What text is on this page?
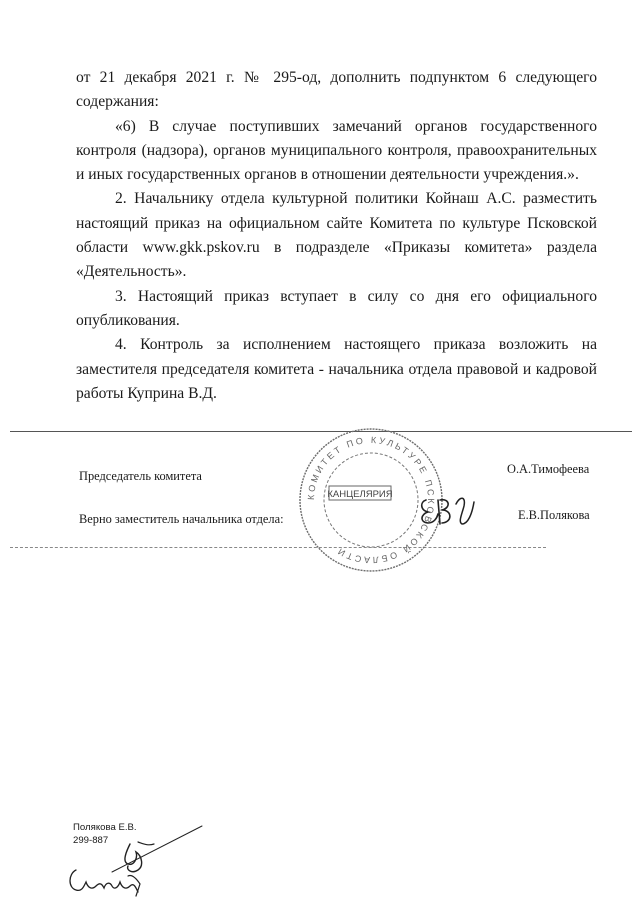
от 21 декабря 2021 г. № 295-од, дополнить подпунктом 6 следующего содержания:

«6) В случае поступивших замечаний органов государственного контроля (надзора), органов муниципального контроля, правоохранительных и иных государственных органов в отношении деятельности учреждения.».

2. Начальнику отдела культурной политики Койнаш А.С. разместить настоящий приказ на официальном сайте Комитета по культуре Псковской области www.gkk.pskov.ru в подразделе «Приказы комитета» раздела «Деятельность».

3. Настоящий приказ вступает в силу со дня его официального опубликования.

4. Контроль за исполнением настоящего приказа возложить на заместителя председателя комитета - начальника отдела правовой и кадровой работы Куприна В.Д.

Председатель комитета	О.А.Тимофеева
Верно заместитель начальника отдела:	Е.В.Полякова
КОМИТЕТ ПО КУЛЬТУРЕ ПСКОВСКОЙ ОБЛАСТИ
КАНЦЕЛЯРИЯ
Полякова Е.В.
299-887
